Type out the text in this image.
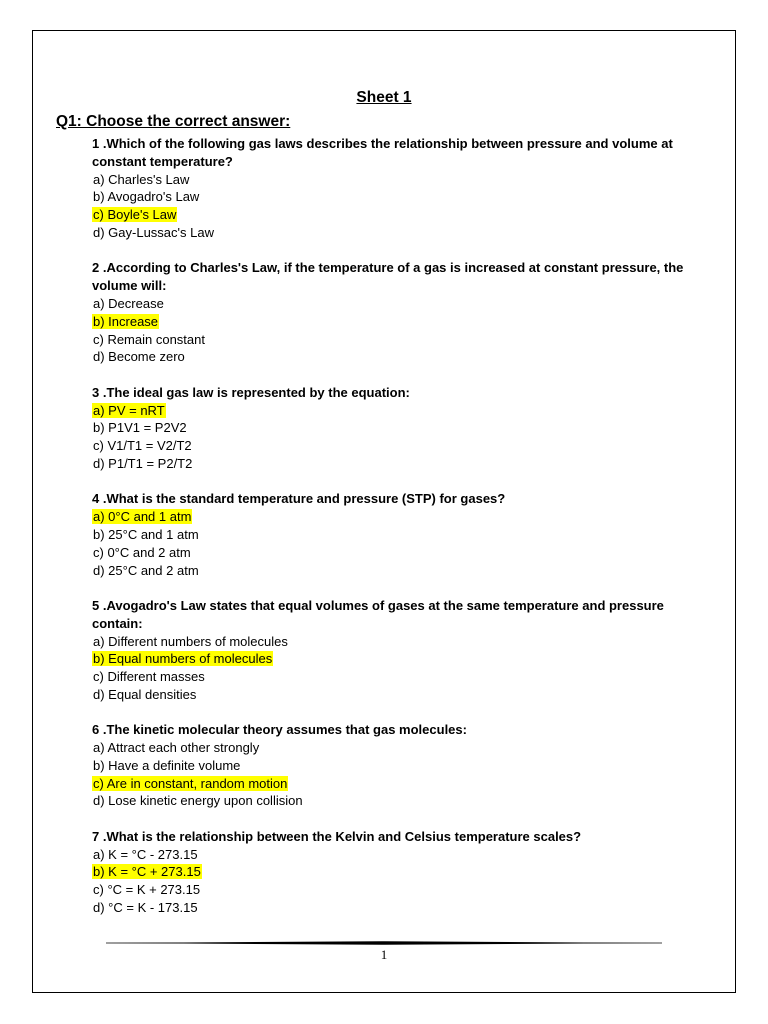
Sheet 1
Q1: Choose the correct answer:
1 .Which of the following gas laws describes the relationship between pressure and volume at constant temperature?
a) Charles's Law
b) Avogadro's Law
c) Boyle's Law
d) Gay-Lussac's Law
2 .According to Charles's Law, if the temperature of a gas is increased at constant pressure, the volume will:
a) Decrease
b) Increase
c) Remain constant
d) Become zero
3 .The ideal gas law is represented by the equation:
a) PV = nRT
b) P1V1 = P2V2
c) V1/T1 = V2/T2
d) P1/T1 = P2/T2
4 .What is the standard temperature and pressure (STP) for gases?
a) 0°C and 1 atm
b) 25°C and 1 atm
c) 0°C and 2 atm
d) 25°C and 2 atm
5 .Avogadro's Law states that equal volumes of gases at the same temperature and pressure contain:
a) Different numbers of molecules
b) Equal numbers of molecules
c) Different masses
d) Equal densities
6 .The kinetic molecular theory assumes that gas molecules:
a) Attract each other strongly
b) Have a definite volume
c) Are in constant, random motion
d) Lose kinetic energy upon collision
7 .What is the relationship between the Kelvin and Celsius temperature scales?
a) K = °C - 273.15
b) K = °C + 273.15
c) °C = K + 273.15
d) °C = K - 173.15
1
